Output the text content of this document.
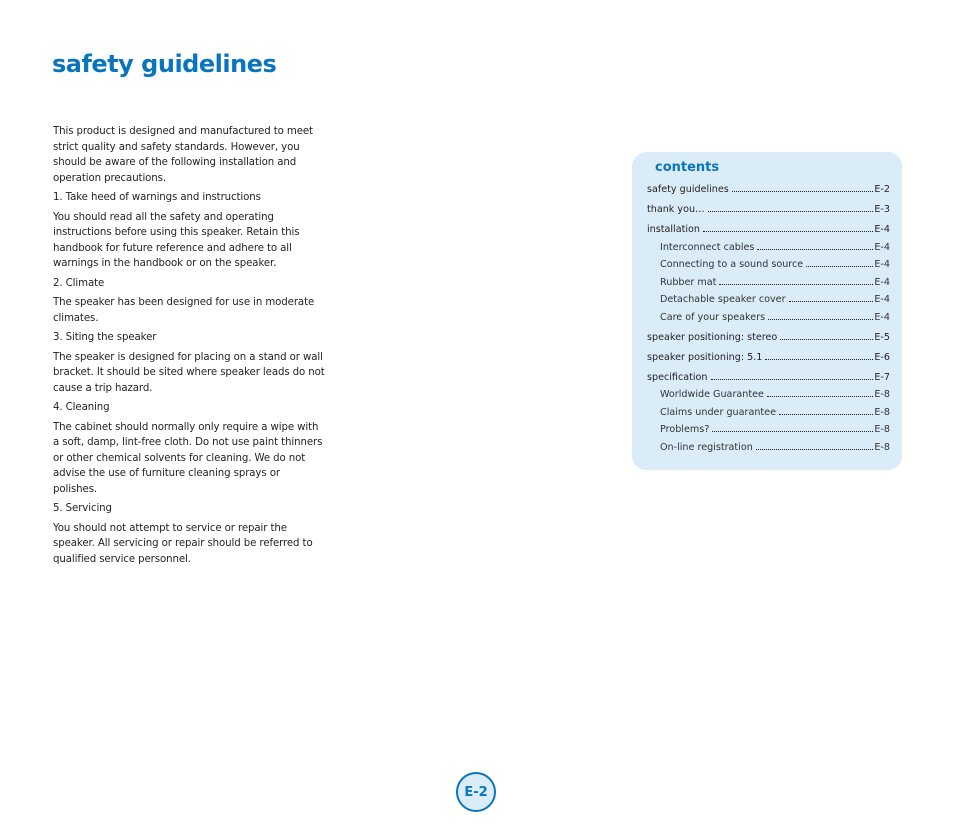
safety guidelines

This product is designed and manufactured to meet strict quality and safety standards. However, you should be aware of the following installation and operation precautions.

1. Take heed of warnings and instructions

You should read all the safety and operating instructions before using this speaker. Retain this handbook for future reference and adhere to all warnings in the handbook or on the speaker.

2. Climate

The speaker has been designed for use in moderate climates.

3. Siting the speaker

The speaker is designed for placing on a stand or wall bracket. It should be sited where speaker leads do not cause a trip hazard.

4. Cleaning

The cabinet should normally only require a wipe with a soft, damp, lint-free cloth. Do not use paint thinners or other chemical solvents for cleaning. We do not advise the use of furniture cleaning sprays or polishes.

5. Servicing

You should not attempt to service or repair the speaker. All servicing or repair should be referred to qualified service personnel.

contents
safety guidelines	E-2
thank you…	E-3
installation	E-4
Interconnect cables	E-4
Connecting to a sound source	E-4
Rubber mat	E-4
Detachable speaker cover	E-4
Care of your speakers	E-4
speaker positioning: stereo	E-5
speaker positioning: 5.1	E-6
specification	E-7
Worldwide Guarantee	E-8
Claims under guarantee	E-8
Problems?	E-8
On-line registration	E-8
E-2
